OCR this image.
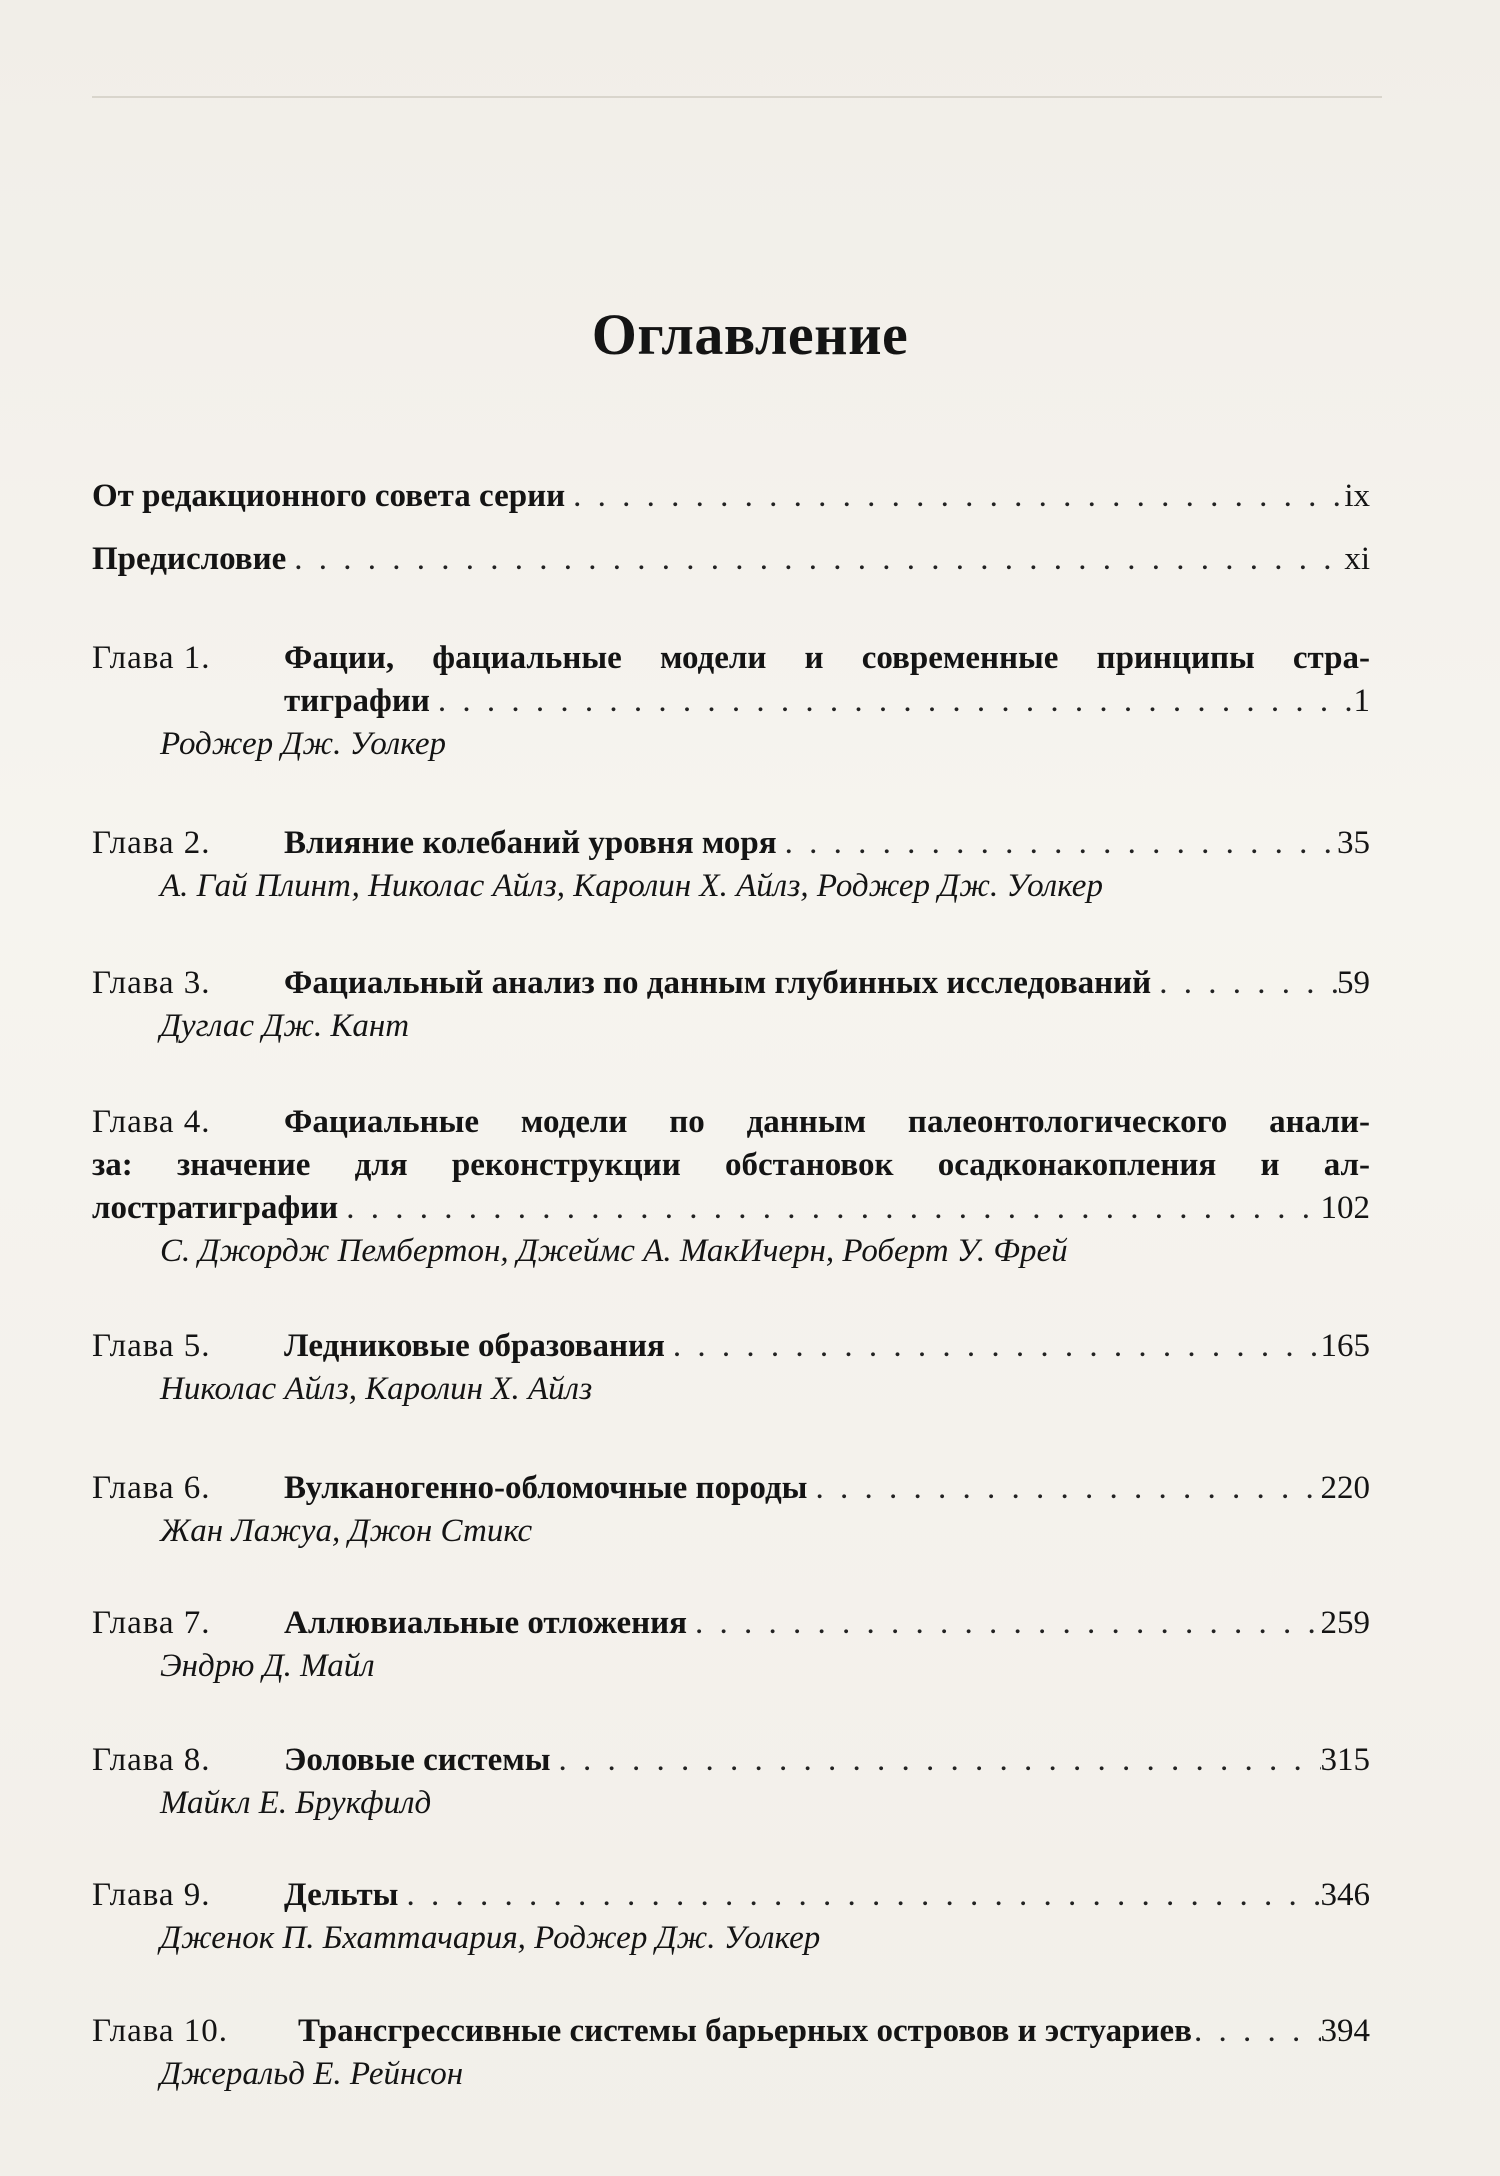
Оглавление
От редакционного совета серии . . .	ix
Предисловие . . .	xi
Глава 1.	Фации, фациальные модели и современные принципы стра-
тиграфии . . .	1
Роджер Дж. Уолкер
Глава 2.	Влияние колебаний уровня моря . . .	35
А. Гай Плинт, Николас Айлз, Каролин Х. Айлз, Роджер Дж. Уолкер
Глава 3.	Фациальный анализ по данным глубинных исследований . . .	59
Дуглас Дж. Кант
Глава 4.	Фациальные модели по данным палеонтологического анали-
за: значение для реконструкции обстановок осадконакопления и ал-
лостратиграфии . . .	102
С. Джордж Пембертон, Джеймс А. МакИчерн, Роберт У. Фрей
Глава 5.	Ледниковые образования . . .	165
Николас Айлз, Каролин Х. Айлз
Глава 6.	Вулканогенно-обломочные породы . . .	220
Жан Лажуа, Джон Стикс
Глава 7.	Аллювиальные отложения . . .	259
Эндрю Д. Майл
Глава 8.	Эоловые системы . . .	315
Майкл Е. Брукфилд
Глава 9.	Дельты . . .	346
Дженок П. Бхаттачария, Роджер Дж. Уолкер
Глава 10.	Трансгрессивные системы барьерных островов и эстуариев . . .	394
Джеральд Е. Рейнсон
